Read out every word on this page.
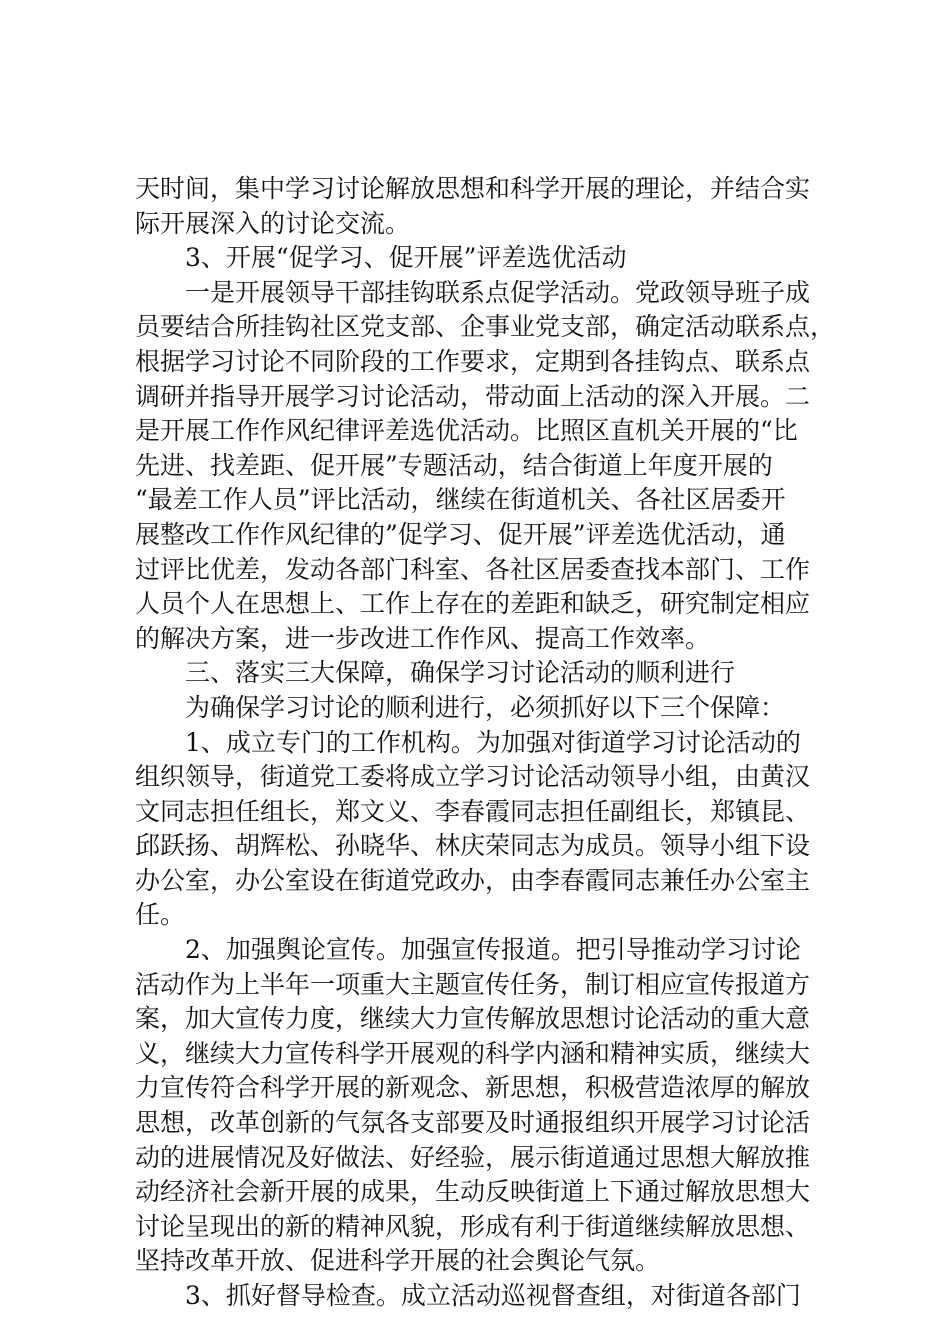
天时间，集中学习讨论解放思想和科学开展的理论，并结合实
际开展深入的讨论交流。
3、开展“促学习、促开展”评差选优活动
一是开展领导干部挂钩联系点促学活动。党政领导班子成
员要结合所挂钩社区党支部、企事业党支部，确定活动联系点，
根据学习讨论不同阶段的工作要求，定期到各挂钩点、联系点
调研并指导开展学习讨论活动，带动面上活动的深入开展。二
是开展工作作风纪律评差选优活动。比照区直机关开展的“比
先进、找差距、促开展”专题活动，结合街道上年度开展的
“最差工作人员”评比活动，继续在街道机关、各社区居委开
展整改工作作风纪律的”促学习、促开展”评差选优活动，通
过评比优差，发动各部门科室、各社区居委查找本部门、工作
人员个人在思想上、工作上存在的差距和缺乏，研究制定相应
的解决方案，进一步改进工作作风、提高工作效率。
三、落实三大保障，确保学习讨论活动的顺利进行
为确保学习讨论的顺利进行，必须抓好以下三个保障：
1、成立专门的工作机构。为加强对街道学习讨论活动的
组织领导，街道党工委将成立学习讨论活动领导小组，由黄汉
文同志担任组长，郑文义、李春霞同志担任副组长，郑镇昆、
邱跃扬、胡辉松、孙晓华、林庆荣同志为成员。领导小组下设
办公室，办公室设在街道党政办，由李春霞同志兼任办公室主
任。
2、加强舆论宣传。加强宣传报道。把引导推动学习讨论
活动作为上半年一项重大主题宣传任务，制订相应宣传报道方
案，加大宣传力度，继续大力宣传解放思想讨论活动的重大意
义，继续大力宣传科学开展观的科学内涵和精神实质，继续大
力宣传符合科学开展的新观念、新思想，积极营造浓厚的解放
思想，改革创新的气氛各支部要及时通报组织开展学习讨论活
动的进展情况及好做法、好经验，展示街道通过思想大解放推
动经济社会新开展的成果，生动反映街道上下通过解放思想大
讨论呈现出的新的精神风貌，形成有利于街道继续解放思想、
坚持改革开放、促进科学开展的社会舆论气氛。
3、抓好督导检查。成立活动巡视督查组，对街道各部门
